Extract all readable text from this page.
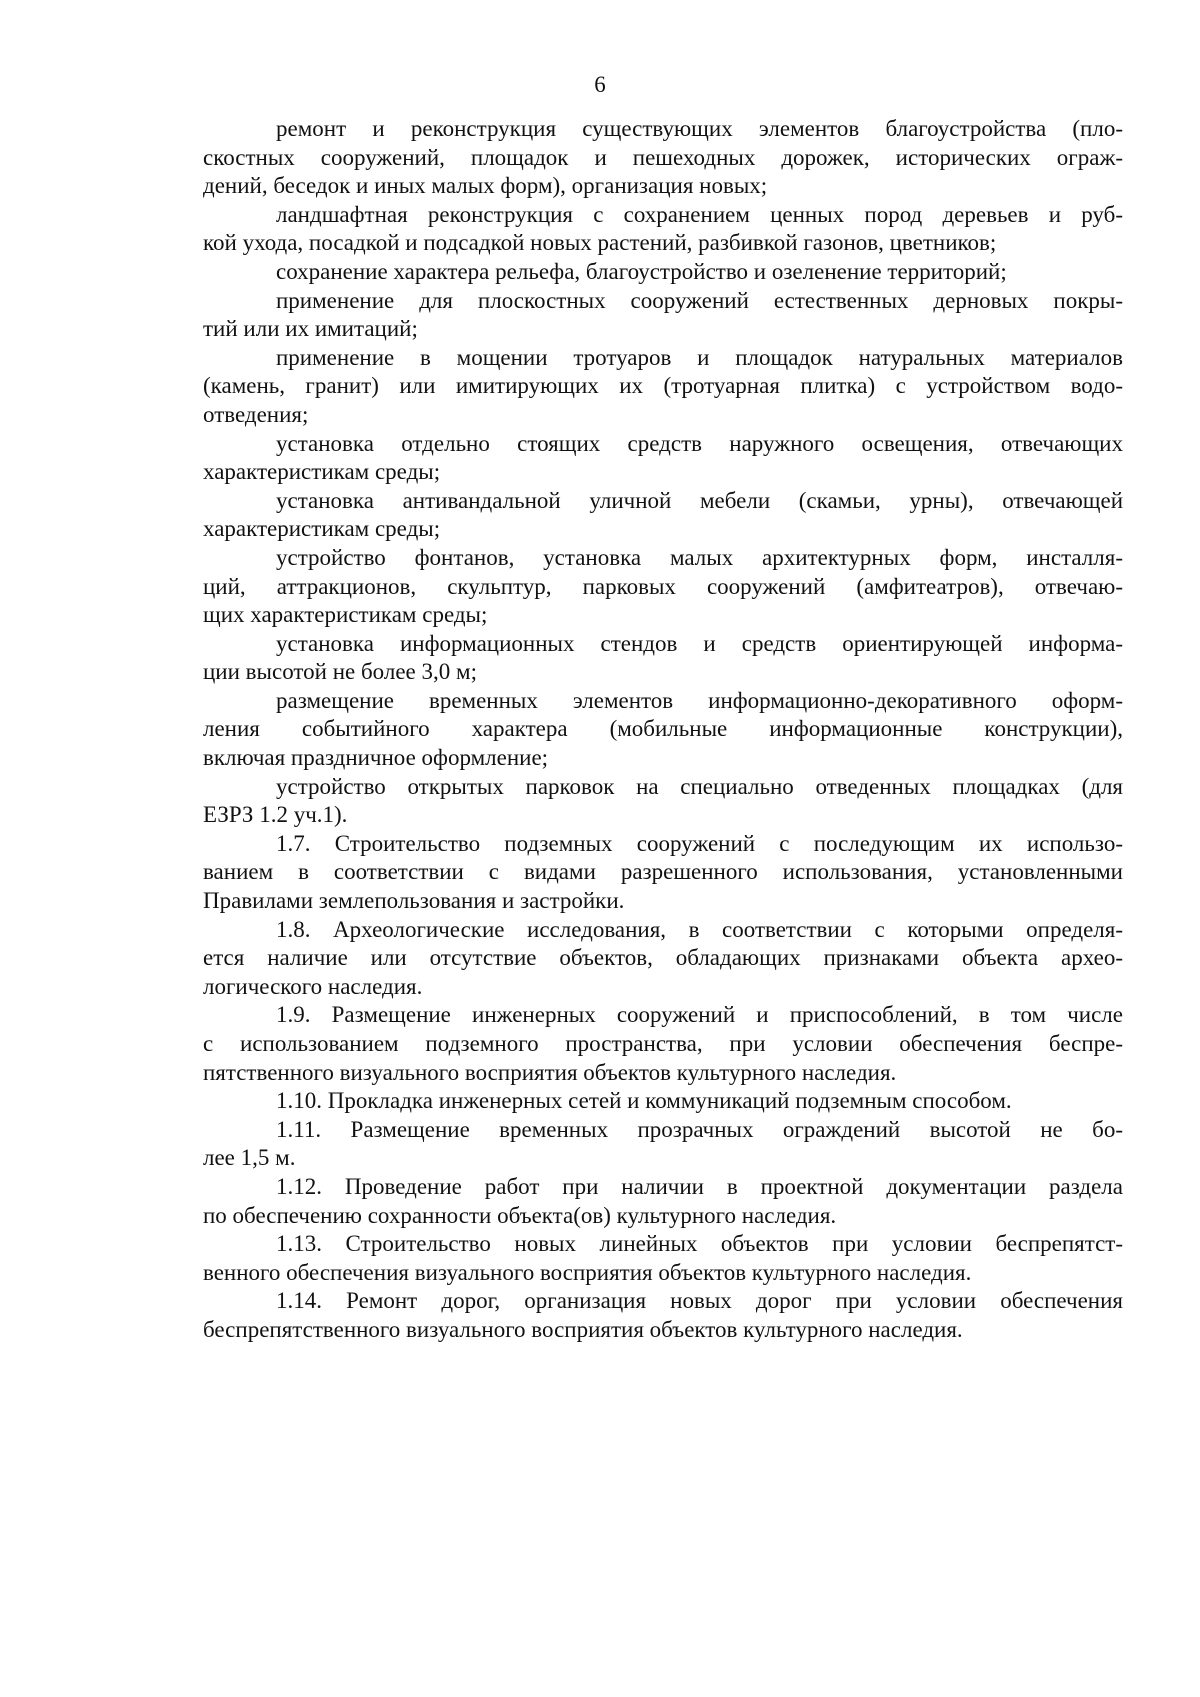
6
ремонт и реконструкция существующих элементов благоустройства (пло-
скостных сооружений, площадок и пешеходных дорожек, исторических ограж-
дений, беседок и иных малых форм), организация новых;
ландшафтная реконструкция с сохранением ценных пород деревьев и руб-
кой ухода, посадкой и подсадкой новых растений, разбивкой газонов, цветников;
сохранение характера рельефа, благоустройство и озеленение территорий;
применение для плоскостных сооружений естественных дерновых покры-
тий или их имитаций;
применение в мощении тротуаров и площадок натуральных материалов
(камень, гранит) или имитирующих их (тротуарная плитка) с устройством водо-
отведения;
установка отдельно стоящих средств наружного освещения, отвечающих
характеристикам среды;
установка антивандальной уличной мебели (скамьи, урны), отвечающей
характеристикам среды;
устройство фонтанов, установка малых архитектурных форм, инсталля-
ций, аттракционов, скульптур, парковых сооружений (амфитеатров), отвечаю-
щих характеристикам среды;
установка информационных стендов и средств ориентирующей информа-
ции высотой не более 3,0 м;
размещение временных элементов информационно-декоративного оформ-
ления событийного характера (мобильные информационные конструкции),
включая праздничное оформление;
устройство открытых парковок на специально отведенных площадках (для
ЕЗРЗ 1.2 уч.1).
1.7. Строительство подземных сооружений с последующим их использо-
ванием в соответствии с видами разрешенного использования, установленными
Правилами землепользования и застройки.
1.8. Археологические исследования, в соответствии с которыми определя-
ется наличие или отсутствие объектов, обладающих признаками объекта архео-
логического наследия.
1.9. Размещение инженерных сооружений и приспособлений, в том числе
с использованием подземного пространства, при условии обеспечения беспре-
пятственного визуального восприятия объектов культурного наследия.
1.10. Прокладка инженерных сетей и коммуникаций подземным способом.
1.11. Размещение временных прозрачных ограждений высотой не бо-
лее 1,5 м.
1.12. Проведение работ при наличии в проектной документации раздела
по обеспечению сохранности объекта(ов) культурного наследия.
1.13. Строительство новых линейных объектов при условии беспрепятст-
венного обеспечения визуального восприятия объектов культурного наследия.
1.14. Ремонт дорог, организация новых дорог при условии обеспечения
беспрепятственного визуального восприятия объектов культурного наследия.
